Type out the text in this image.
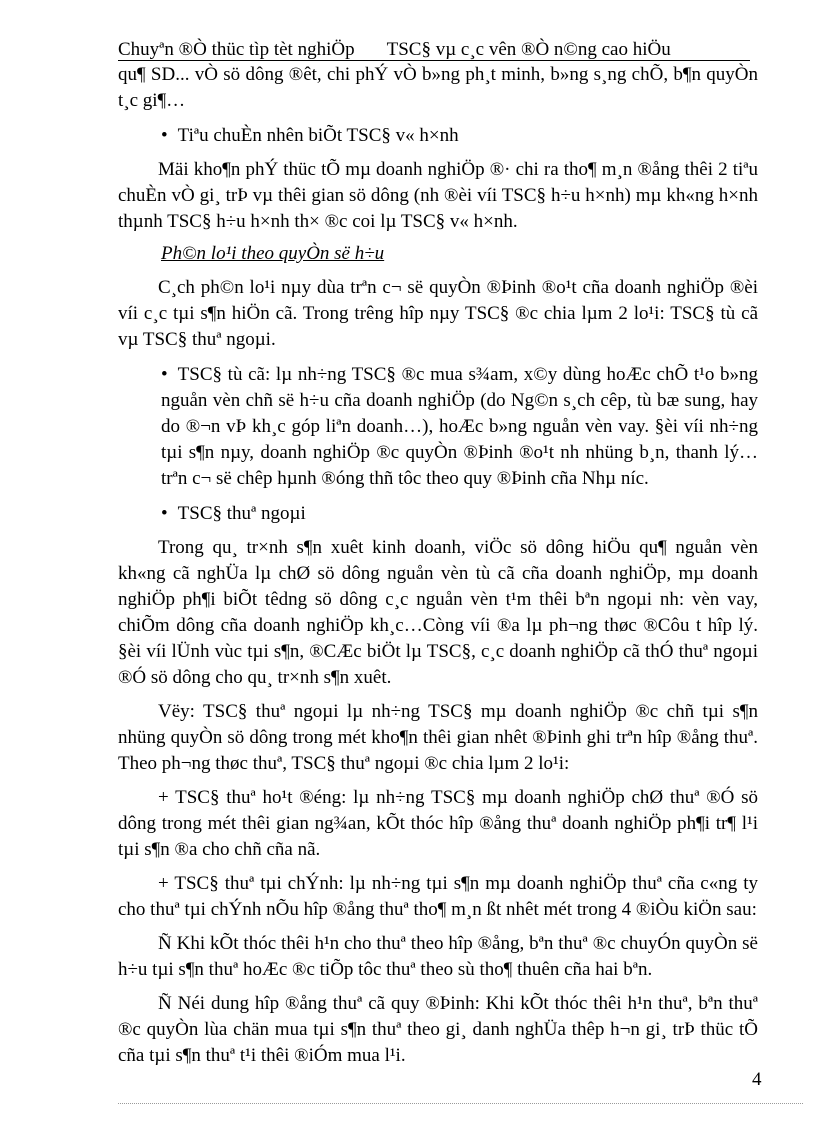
Chuyªn ®Ò thüc tìp tèt nghiÖp TSC§ vµ c¸c vên ®Ò n©ng cao hiÖu

qu¶ SD... vÒ sö dông ®êt, chi phÝ vÒ b»ng ph¸t minh, b»ng s¸ng chÕ, b¶n quyÒn t¸c gi¶…

• Tiªu chuÈn nhên biÕt TSC§ v« h×nh

Mäi kho¶n phÝ thüc tÕ mµ doanh nghiÖp ®· chi ra tho¶ m¸n ®ång thêi 2 tiªu chuÈn vÒ gi¸ trÞ vµ thêi gian sö dông (nh ®èi víi TSC§ h÷u h×nh) mµ kh«ng h×nh thµnh TSC§ h÷u h×nh th× ®c coi lµ TSC§ v« h×nh.

Ph©n lo¹i theo quyÒn së h÷u

C¸ch ph©n lo¹i nµy dùa trªn c¬ së quyÒn ®Þinh ®o¹t cña doanh nghiÖp ®èi víi c¸c tµi s¶n hiÖn cã. Trong trêng hîp nµy TSC§ ®c chia lµm 2 lo¹i: TSC§ tù cã vµ TSC§ thuª ngoµi.

• TSC§ tù cã: lµ nh÷ng TSC§ ®c mua s¾am, x©y dùng hoÆc chÕ t¹o b»ng nguån vèn chñ së h÷u cña doanh nghiÖp (do Ng©n s¸ch cêp, tù bæ sung, hay do ®¬n vÞ kh¸c góp liªn doanh…), hoÆc b»ng nguån vèn vay. §èi víi nh÷ng tµi s¶n nµy, doanh nghiÖp ®c quyÒn ®Þinh ®o¹t nh nhüng b¸n, thanh lý… trªn c¬ së chêp hµnh ®óng thñ tôc theo quy ®Þinh cña Nhµ níc.

• TSC§ thuª ngoµi

Trong qu¸ tr×nh s¶n xuêt kinh doanh, viÖc sö dông hiÖu qu¶ nguån vèn kh«ng cã nghÜa lµ chØ sö dông nguån vèn tù cã cña doanh nghiÖp, mµ doanh nghiÖp ph¶i biÕt têdng sö dông c¸c nguån vèn t¹m thêi bªn ngoµi nh: vèn vay, chiÕm dông cña doanh nghiÖp kh¸c…Còng víi ®a lµ ph¬ng thøc ®Côu t hîp lý. §èi víi lÜnh vùc tµi s¶n, ®CÆc biÖt lµ TSC§, c¸c doanh nghiÖp cã thÓ thuª ngoµi ®Ó sö dông cho qu¸ tr×nh s¶n xuêt.

Vëy: TSC§ thuª ngoµi lµ nh÷ng TSC§ mµ doanh nghiÖp ®c chñ tµi s¶n nhüng quyÒn sö dông trong mét kho¶n thêi gian nhêt ®Þinh ghi trªn hîp ®ång thuª. Theo ph¬ng thøc thuª, TSC§ thuª ngoµi ®c chia lµm 2 lo¹i:

+ TSC§ thuª ho¹t ®éng: lµ nh÷ng TSC§ mµ doanh nghiÖp chØ thuª ®Ó sö dông trong mét thêi gian ng¾an, kÕt thóc hîp ®ång thuª doanh nghiÖp ph¶i tr¶ l¹i tµi s¶n ®a cho chñ cña nã.

+ TSC§ thuª tµi chÝnh: lµ nh÷ng tµi s¶n mµ doanh nghiÖp thuª cña c«ng ty cho thuª tµi chÝnh nÕu hîp ®ång thuª tho¶ m¸n ßt nhêt mét trong 4 ®iÒu kiÖn sau:

Ñ Khi kÕt thóc thêi h¹n cho thuª theo hîp ®ång, bªn thuª ®c chuyÓn quyÒn së h÷u tµi s¶n thuª hoÆc ®c tiÕp tôc thuª theo sù tho¶ thuên cña hai bªn.

Ñ Néi dung hîp ®ång thuª cã quy ®Þinh: Khi kÕt thóc thêi h¹n thuª, bªn thuª ®c quyÒn lùa chän mua tµi s¶n thuª theo gi¸ danh nghÜa thêp h¬n gi¸ trÞ thüc tÕ cña tµi s¶n thuª t¹i thêi ®iÓm mua l¹i.

4
